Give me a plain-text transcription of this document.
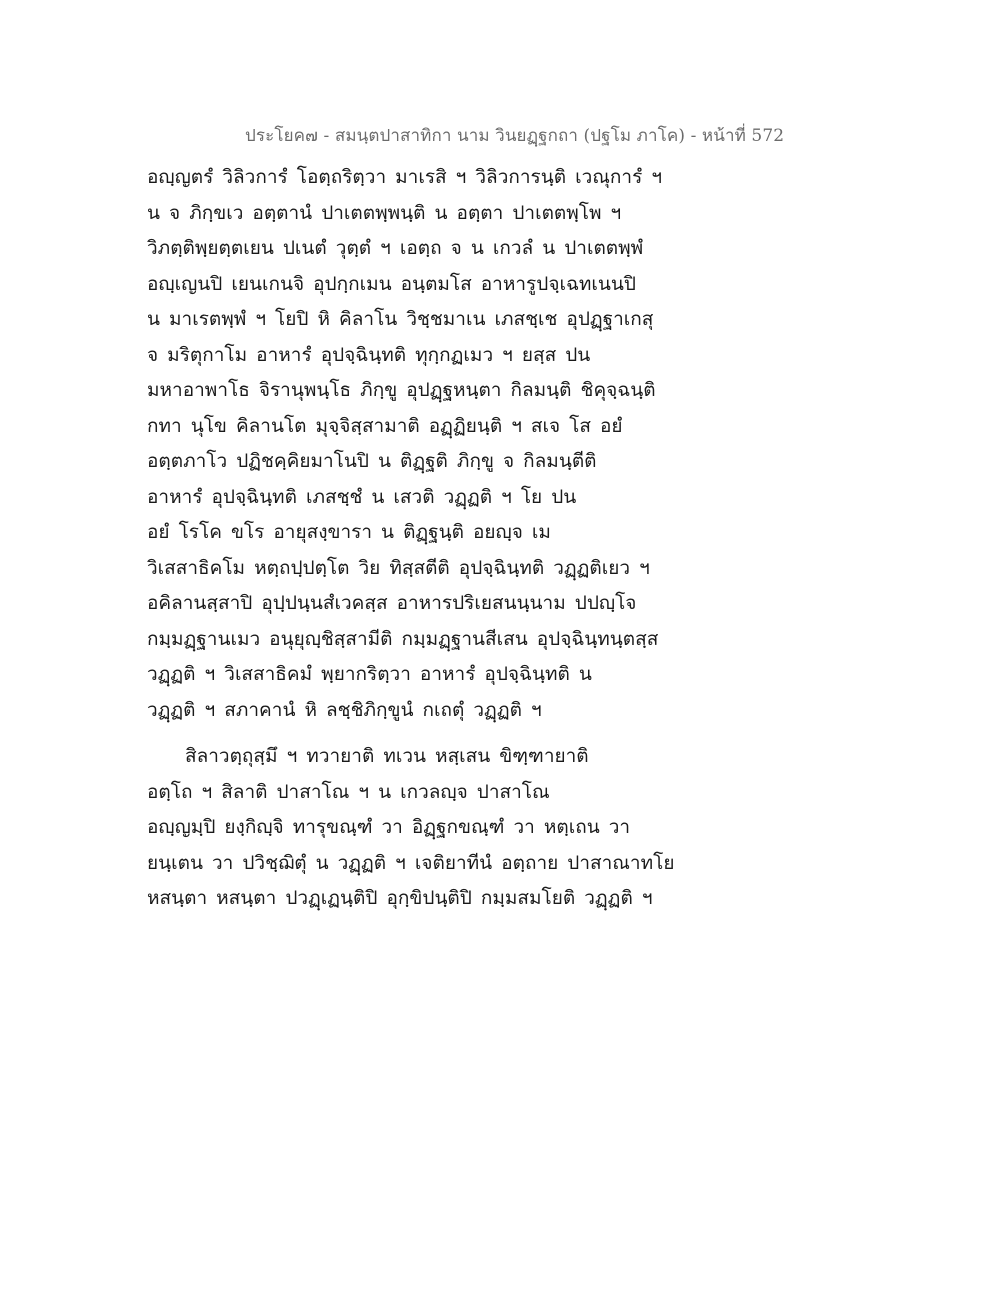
ประโยค๗ - สมนฺตปาสาทิกา นาม วินยฏฺฐกถา (ปฐโม ภาโค) - หน้าที่ 572
อญฺญตรํ วิลิวการํ โอตฺถริตฺวา มาเรสิ ฯ วิลิวการนฺติ เวณุการํ ฯ
น จ ภิกฺขเว อตฺตานํ ปาเตตพฺพนฺติ น อตฺตา ปาเตตพฺโพ ฯ
วิภตฺติพฺยตฺตเยน ปเนตํ วุตฺตํ ฯ เอตฺถ จ น เกวลํ น ปาเตตพฺพํ
อญฺเญนปิ เยนเกนจิ อุปกฺกเมน อนฺตมโส อาหารูปจฺเฉทเนนปิ
น มาเรตพฺพํ ฯ โยปิ หิ คิลาโน วิชฺชมาเน เภสชฺเช อุปฏฺฐาเกสุ
จ มริตุกาโม อาหารํ อุปจฺฉินฺทติ ทุกฺกฏเมว ฯ ยสฺส ปน
มหาอาพาโธ จิรานุพนฺโธ ภิกฺขู อุปฏฺฐหนฺตา กิลมนฺติ ชิคุจฺฉนฺติ
กทา นุโข คิลานโต มุจฺจิสฺสามาติ อฏฺฏิยนฺติ ฯ สเจ โส อยํ
อตฺตภาโว ปฏิชคฺคิยมาโนปิ น ติฏฺฐติ ภิกฺขู จ กิลมนฺตีติ
อาหารํ อุปจฺฉินฺทติ เภสชฺชํ น เสวติ วฏฺฏติ ฯ โย ปน
อยํ โรโค ขโร อายุสงฺขารา น ติฏฺฐนฺติ อยญฺจ เม
วิเสสาธิคโม หตฺถปฺปตฺโต วิย ทิสฺสตีติ อุปจฺฉินฺทติ วฏฺฏติเยว ฯ
อคิลานสฺสาปิ อุปฺปนฺนสํเวคสฺส อาหารปริเยสนนฺนาม ปปญฺโจ
กมฺมฏฺฐานเมว อนุยุญฺชิสฺสามีติ กมฺมฏฺฐานสีเสน อุปจฺฉินฺทนฺตสฺส
วฏฺฏติ ฯ วิเสสาธิคมํ พฺยากริตฺวา อาหารํ อุปจฺฉินฺทติ น
วฏฺฏติ ฯ สภาคานํ หิ ลชฺชิภิกฺขูนํ กเถตุํ วฏฺฏติ ฯ
สิลาวตฺถุสฺมึ ฯ ทวายาติ ทเวน หสฺเสน ขิฑฺฑายาติ
อตฺโถ ฯ สิลาติ ปาสาโณ ฯ น เกวลญฺจ ปาสาโณ
อญฺญมฺปิ ยงฺกิญฺจิ ทารุขณฺฑํ วา อิฏฺฐกขณฺฑํ วา หตฺเถน วา
ยนฺเตน วา ปวิชฺฌิตุํ น วฏฺฏติ ฯ เจติยาทีนํ อตฺถาย ปาสาณาทโย
หสนฺตา หสนฺตา ปวฏฺเฏนฺติปิ อุกฺขิปนฺติปิ กมฺมสมโยติ วฏฺฏติ ฯ
